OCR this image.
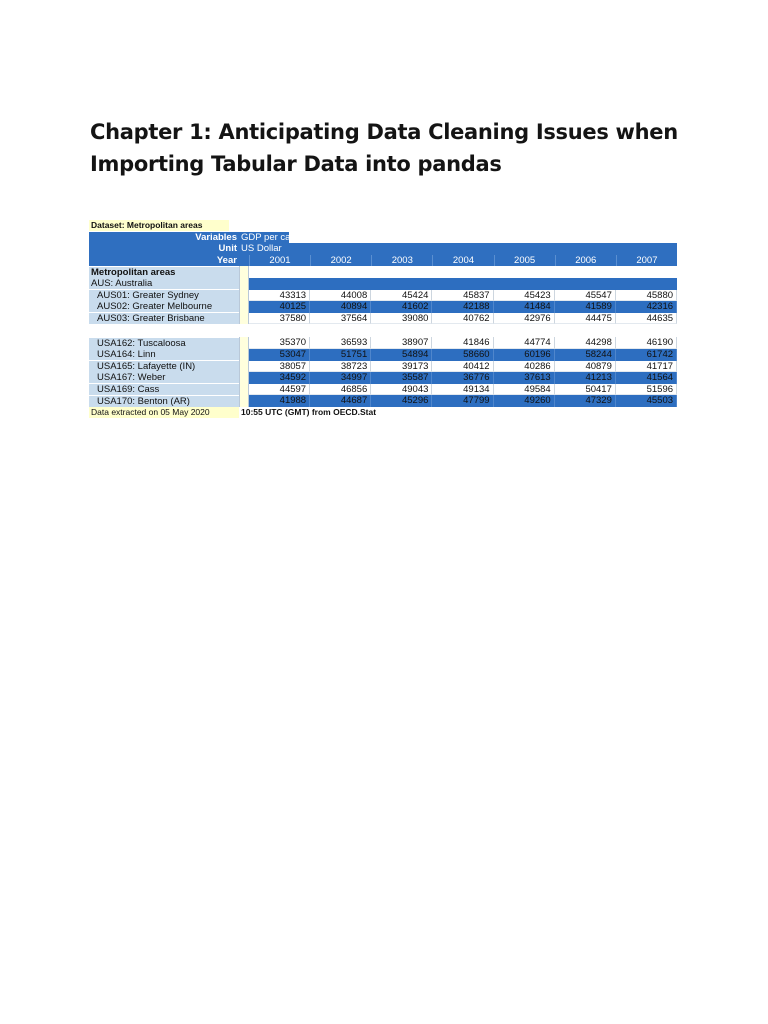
Chapter 1: Anticipating Data Cleaning Issues when Importing Tabular Data into pandas
Dataset: Metropolitan areas
Variables GDP per capita (USD, constant prices, constant PPP, base year 2015)
Unit US Dollar
Year	2001	2002	2003	2004	2005	2006	2007
Metropolitan areas
AUS: Australia
AUS01: Greater Sydney	43313	44008	45424	45837	45423	45547	45880
AUS02: Greater Melbourne	40125	40894	41602	42188	41484	41589	42316
AUS03: Greater Brisbane	37580	37564	39080	40762	42976	44475	44635
USA162: Tuscaloosa	35370	36593	38907	41846	44774	44298	46190
USA164: Linn	53047	51751	54894	58660	60196	58244	61742
USA165: Lafayette (IN)	38057	38723	39173	40412	40286	40879	41717
USA167: Weber	34592	34997	35587	36776	37613	41213	41564
USA169: Cass	44597	46856	49043	49134	49584	50417	51596
USA170: Benton (AR)	41988	44687	45296	47799	49260	47329	45503
Data extracted on 05 May 2020	10:55 UTC (GMT) from OECD.Stat
